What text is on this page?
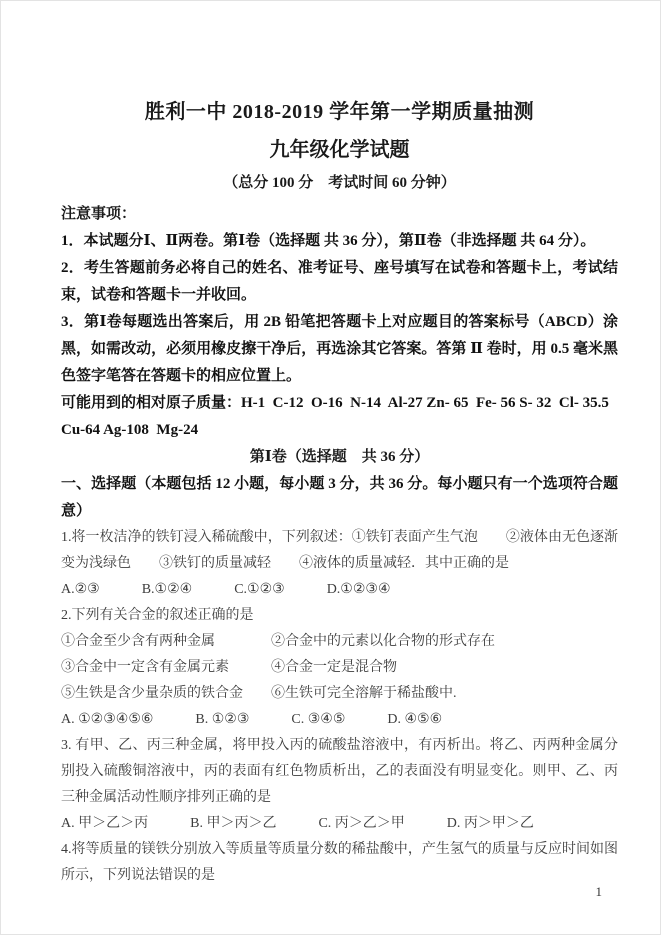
胜利一中 2018-2019 学年第一学期质量抽测
九年级化学试题
（总分 100 分　考试时间 60 分钟）
注意事项：

1．本试题分Ⅰ、Ⅱ两卷。第Ⅰ卷（选择题 共 36 分），第Ⅱ卷（非选择题 共 64 分）。

2．考生答题前务必将自己的姓名、准考证号、座号填写在试卷和答题卡上，考试结束，试卷和答题卡一并收回。

3．第Ⅰ卷每题选出答案后，用 2B 铅笔把答题卡上对应题目的答案标号（ABCD）涂黑，如需改动，必须用橡皮擦干净后，再选涂其它答案。答第 Ⅱ 卷时，用 0.5 毫米黑色签字笔答在答题卡的相应位置上。

可能用到的相对原子质量：H-1  C-12  O-16  N-14  Al-27 Zn- 65  Fe- 56 S- 32  Cl- 35.5

Cu-64 Ag-108  Mg-24

第Ⅰ卷（选择题　共 36 分）

一、选择题（本题包括 12 小题，每小题 3 分，共 36 分。每小题只有一个选项符合题意）

1.将一枚洁净的铁钉浸入稀硫酸中，下列叙述：①铁钉表面产生气泡　　②液体由无色逐渐变为浅绿色　　③铁钉的质量减轻　　④液体的质量减轻．其中正确的是

A.②③　　　B.①②④　　　C.①②③　　　D.①②③④

2.下列有关合金的叙述正确的是

①合金至少含有两种金属　　　　②合金中的元素以化合物的形式存在

③合金中一定含有金属元素　　　④合金一定是混合物

⑤生铁是含少量杂质的铁合金　　⑥生铁可完全溶解于稀盐酸中.

A. ①②③④⑤⑥　　　B. ①②③　　　C. ③④⑤　　　D. ④⑤⑥

3. 有甲、乙、丙三种金属，将甲投入丙的硫酸盐溶液中，有丙析出。将乙、丙两种金属分别投入硫酸铜溶液中，丙的表面有红色物质析出，乙的表面没有明显变化。则甲、乙、丙三种金属活动性顺序排列正确的是

A. 甲＞乙＞丙　　　B. 甲＞丙＞乙　　　C. 丙＞乙＞甲　　　D. 丙＞甲＞乙

4.将等质量的镁铁分别放入等质量等质量分数的稀盐酸中，产生氢气的质量与反应时间如图所示，下列说法错误的是

1
